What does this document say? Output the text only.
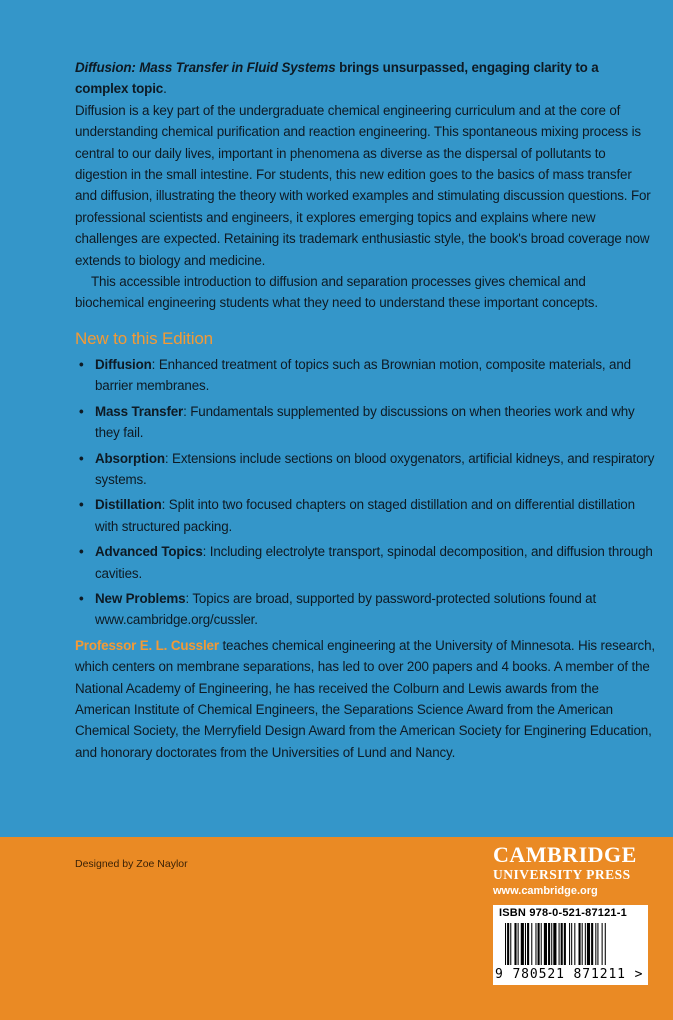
Diffusion: Mass Transfer in Fluid Systems brings unsurpassed, engaging clarity to a complex topic.

Diffusion is a key part of the undergraduate chemical engineering curriculum and at the core of understanding chemical purification and reaction engineering. This spontaneous mixing process is central to our daily lives, important in phenomena as diverse as the dispersal of pollutants to digestion in the small intestine. For students, this new edition goes to the basics of mass transfer and diffusion, illustrating the theory with worked examples and stimulating discussion questions. For professional scientists and engineers, it explores emerging topics and explains where new challenges are expected. Retaining its trademark enthusiastic style, the book's broad coverage now extends to biology and medicine.

This accessible introduction to diffusion and separation processes gives chemical and biochemical engineering students what they need to understand these important concepts.

New to this Edition
• Diffusion: Enhanced treatment of topics such as Brownian motion, composite materials, and barrier membranes.
• Mass Transfer: Fundamentals supplemented by discussions on when theories work and why they fail.
• Absorption: Extensions include sections on blood oxygenators, artificial kidneys, and respiratory systems.
• Distillation: Split into two focused chapters on staged distillation and on differential distillation with structured packing.
• Advanced Topics: Including electrolyte transport, spinodal decomposition, and diffusion through cavities.
• New Problems: Topics are broad, supported by password-protected solutions found at www.cambridge.org/cussler.

Professor E. L. Cussler teaches chemical engineering at the University of Minnesota. His research, which centers on membrane separations, has led to over 200 papers and 4 books. A member of the National Academy of Engineering, he has received the Colburn and Lewis awards from the American Institute of Chemical Engineers, the Separations Science Award from the American Chemical Society, the Merryfield Design Award from the American Society for Enginering Education, and honorary doctorates from the Universities of Lund and Nancy.

Designed by Zoe Naylor	CAMBRIDGE
UNIVERSITY PRESS
www.cambridge.org
ISBN 978-0-521-87121-1
9 780521 871211 >
